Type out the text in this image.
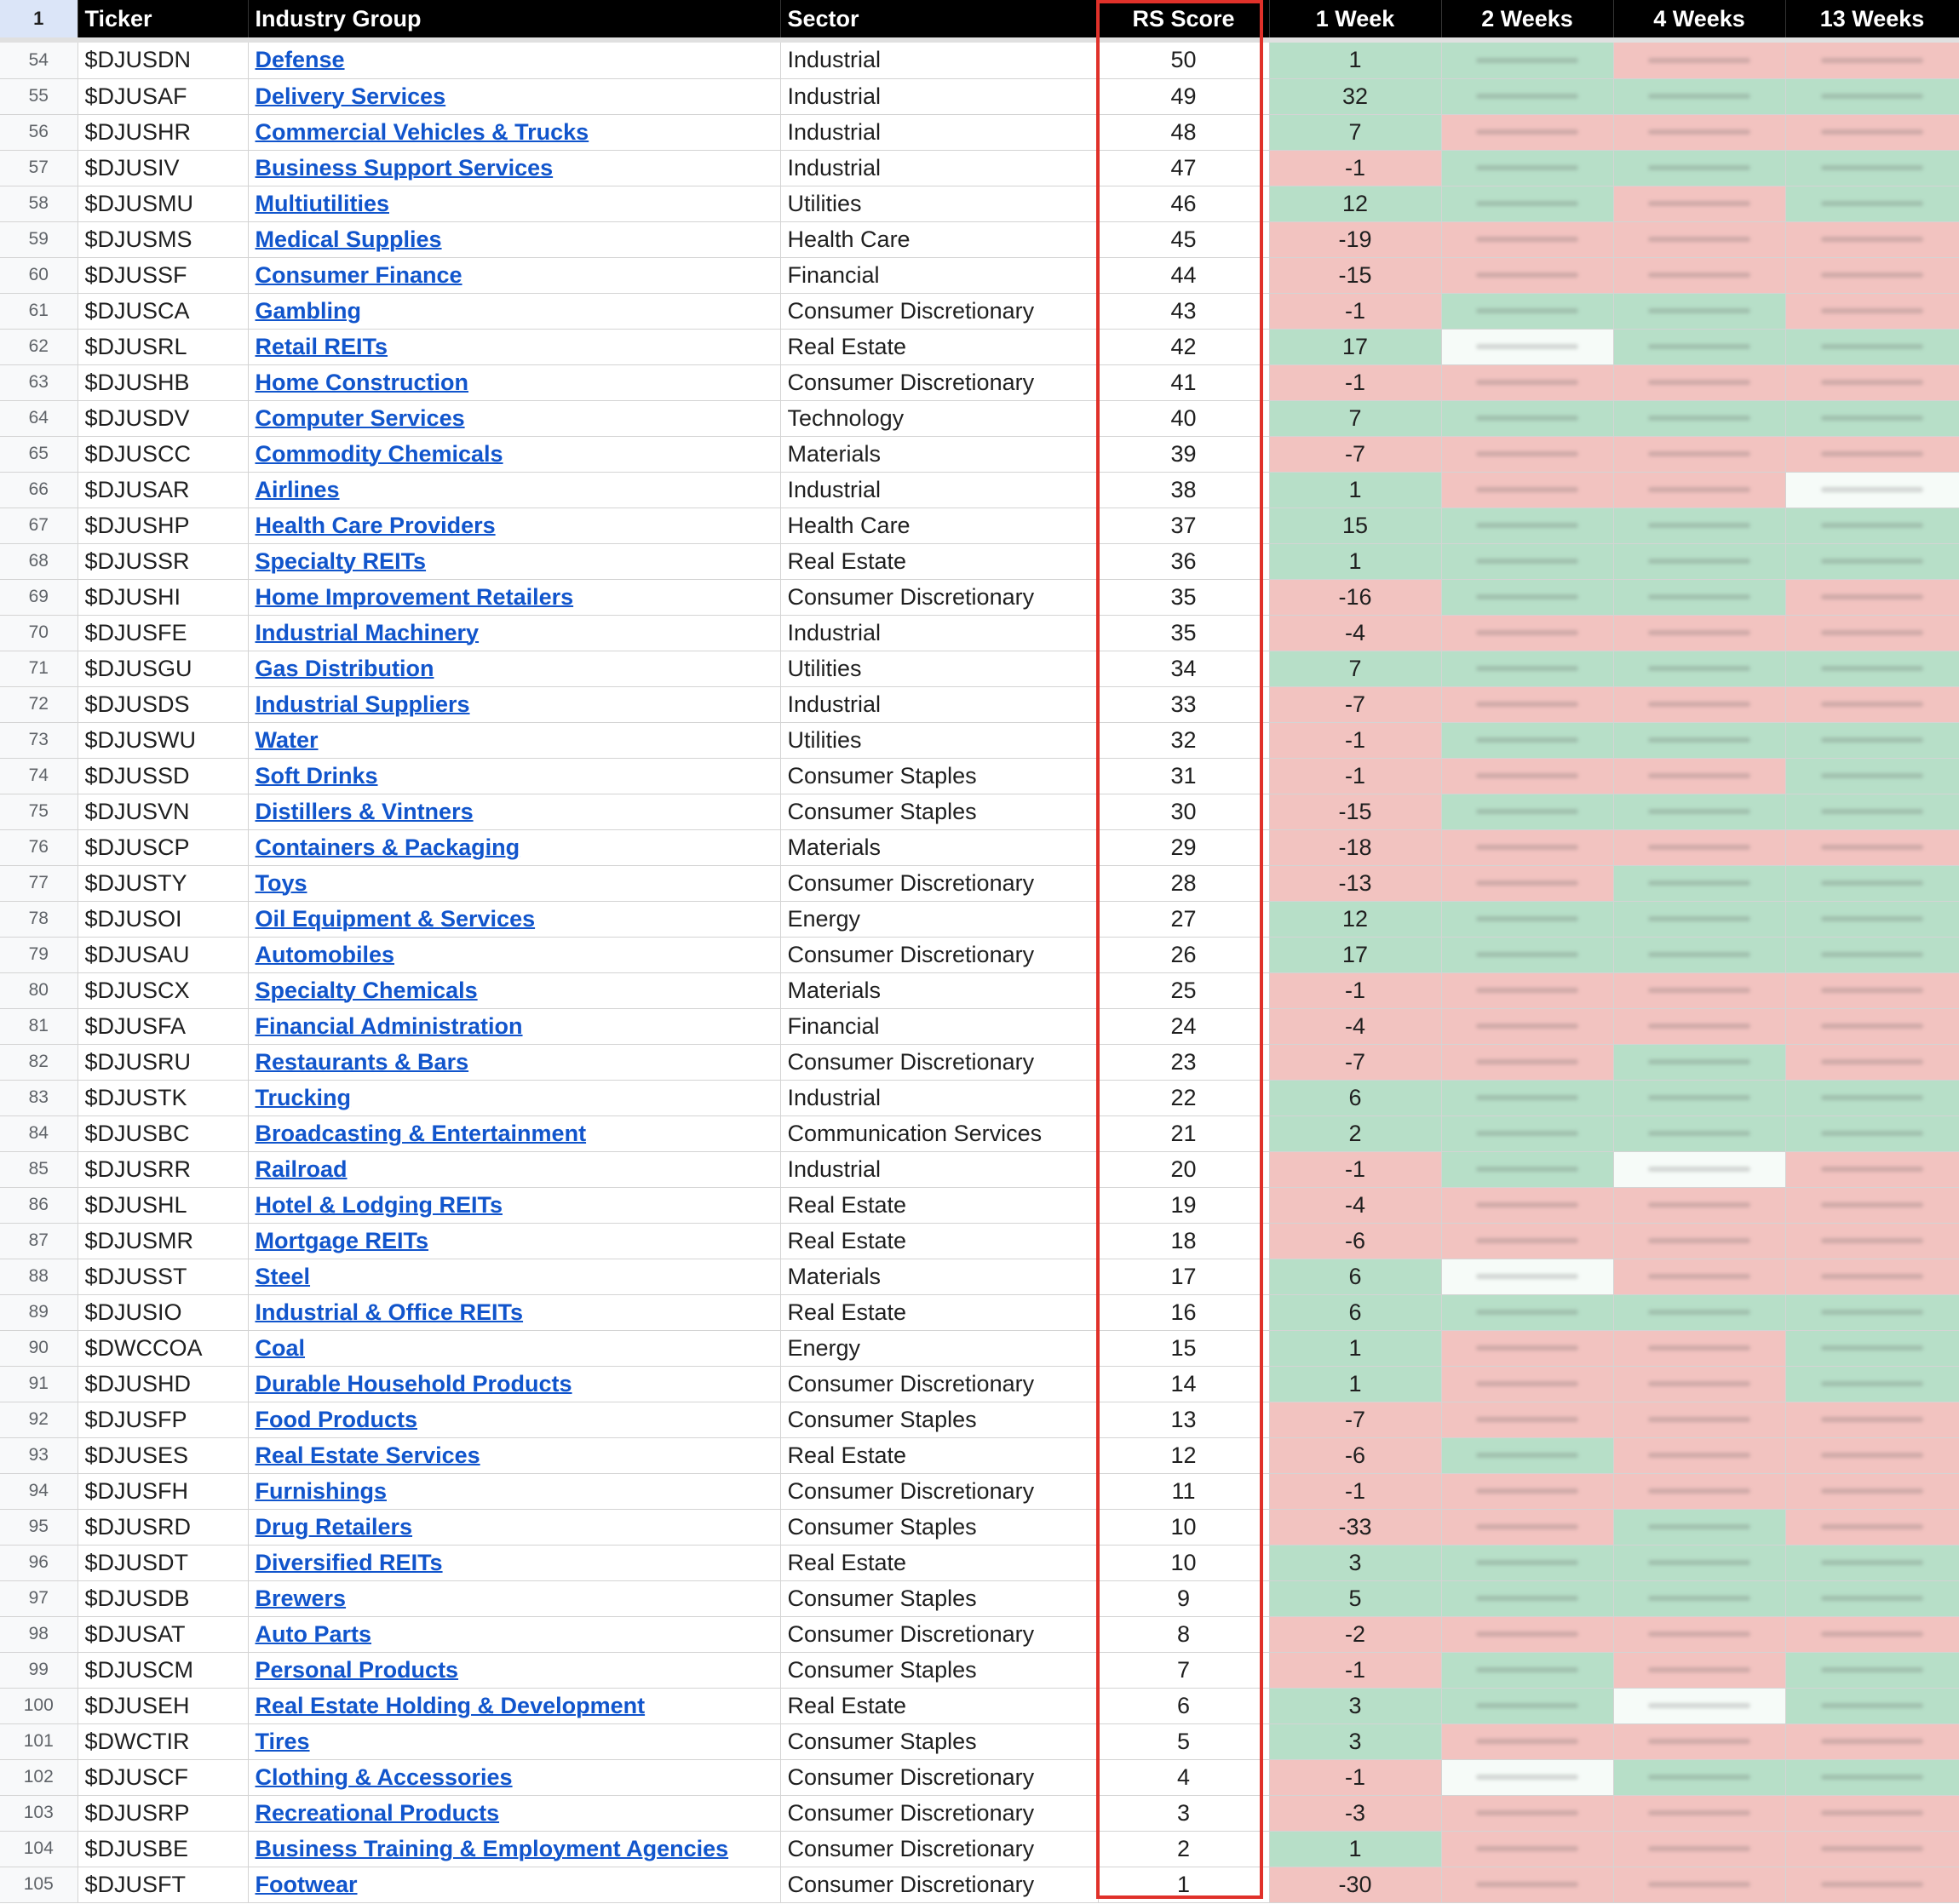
1	Ticker	Industry Group	Sector	RS Score	1 Week	2 Weeks	4 Weeks	13 Weeks

54	$DJUSDN	Defense	Industrial	50	1	

55	$DJUSAF	Delivery Services	Industrial	49	32	

56	$DJUSHR	Commercial Vehicles & Trucks	Industrial	48	7	

57	$DJUSIV	Business Support Services	Industrial	47	-1	

58	$DJUSMU	Multiutilities	Utilities	46	12	

59	$DJUSMS	Medical Supplies	Health Care	45	-19	

60	$DJUSSF	Consumer Finance	Financial	44	-15	

61	$DJUSCA	Gambling	Consumer Discretionary	43	-1	

62	$DJUSRL	Retail REITs	Real Estate	42	17	

63	$DJUSHB	Home Construction	Consumer Discretionary	41	-1	

64	$DJUSDV	Computer Services	Technology	40	7	

65	$DJUSCC	Commodity Chemicals	Materials	39	-7	

66	$DJUSAR	Airlines	Industrial	38	1	

67	$DJUSHP	Health Care Providers	Health Care	37	15	

68	$DJUSSR	Specialty REITs	Real Estate	36	1	

69	$DJUSHI	Home Improvement Retailers	Consumer Discretionary	35	-16	

70	$DJUSFE	Industrial Machinery	Industrial	35	-4	

71	$DJUSGU	Gas Distribution	Utilities	34	7	

72	$DJUSDS	Industrial Suppliers	Industrial	33	-7	

73	$DJUSWU	Water	Utilities	32	-1	

74	$DJUSSD	Soft Drinks	Consumer Staples	31	-1	

75	$DJUSVN	Distillers & Vintners	Consumer Staples	30	-15	

76	$DJUSCP	Containers & Packaging	Materials	29	-18	

77	$DJUSTY	Toys	Consumer Discretionary	28	-13	

78	$DJUSOI	Oil Equipment & Services	Energy	27	12	

79	$DJUSAU	Automobiles	Consumer Discretionary	26	17	

80	$DJUSCX	Specialty Chemicals	Materials	25	-1	

81	$DJUSFA	Financial Administration	Financial	24	-4	

82	$DJUSRU	Restaurants & Bars	Consumer Discretionary	23	-7	

83	$DJUSTK	Trucking	Industrial	22	6	

84	$DJUSBC	Broadcasting & Entertainment	Communication Services	21	2	

85	$DJUSRR	Railroad	Industrial	20	-1	

86	$DJUSHL	Hotel & Lodging REITs	Real Estate	19	-4	

87	$DJUSMR	Mortgage REITs	Real Estate	18	-6	

88	$DJUSST	Steel	Materials	17	6	

89	$DJUSIO	Industrial & Office REITs	Real Estate	16	6	

90	$DWCCOA	Coal	Energy	15	1	

91	$DJUSHD	Durable Household Products	Consumer Discretionary	14	1	

92	$DJUSFP	Food Products	Consumer Staples	13	-7	

93	$DJUSES	Real Estate Services	Real Estate	12	-6	

94	$DJUSFH	Furnishings	Consumer Discretionary	11	-1	

95	$DJUSRD	Drug Retailers	Consumer Staples	10	-33	

96	$DJUSDT	Diversified REITs	Real Estate	10	3	

97	$DJUSDB	Brewers	Consumer Staples	9	5	

98	$DJUSAT	Auto Parts	Consumer Discretionary	8	-2	

99	$DJUSCM	Personal Products	Consumer Staples	7	-1	

100	$DJUSEH	Real Estate Holding & Development	Real Estate	6	3	

101	$DWCTIR	Tires	Consumer Staples	5	3	

102	$DJUSCF	Clothing & Accessories	Consumer Discretionary	4	-1	

103	$DJUSRP	Recreational Products	Consumer Discretionary	3	-3	

104	$DJUSBE	Business Training & Employment Agencies	Consumer Discretionary	2	1	

105	$DJUSFT	Footwear	Consumer Discretionary	1	-30	
